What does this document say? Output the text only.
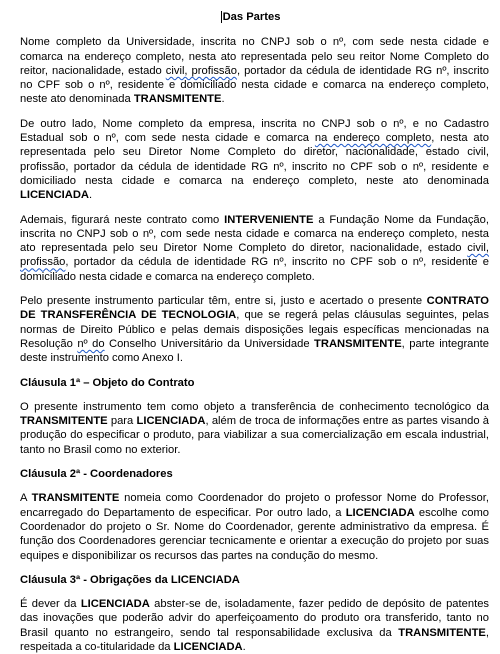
Das Partes

Nome completo da Universidade, inscrita no CNPJ sob o nº, com sede nesta cidade e comarca na endereço completo, nesta ato representada pelo seu reitor Nome Completo do reitor, nacionalidade, estado civil, profissão, portador da cédula de identidade RG nº, inscrito no CPF sob o nº, residente e domiciliado nesta cidade e comarca na endereço completo, neste ato denominada TRANSMITENTE.

De outro lado, Nome completo da empresa, inscrita no CNPJ sob o nº, e no Cadastro Estadual sob o nº, com sede nesta cidade e comarca na endereço completo, nesta ato representada pelo seu Diretor Nome Completo do diretor, nacionalidade, estado civil, profissão, portador da cédula de identidade RG nº, inscrito no CPF sob o nº, residente e domiciliado nesta cidade e comarca na endereço completo, neste ato denominada LICENCIADA.

Ademais, figurará neste contrato como INTERVENIENTE a Fundação Nome da Fundação, inscrita no CNPJ sob o nº, com sede nesta cidade e comarca na endereço completo, nesta ato representada pelo seu Diretor Nome Completo do diretor, nacionalidade, estado civil, profissão, portador da cédula de identidade RG nº, inscrito no CPF sob o nº, residente e domiciliado nesta cidade e comarca na endereço completo.

Pelo presente instrumento particular têm, entre si, justo e acertado o presente CONTRATO DE TRANSFERÊNCIA DE TECNOLOGIA, que se regerá pelas cláusulas seguintes, pelas normas de Direito Público e pelas demais disposições legais específicas mencionadas na Resolução nº do Conselho Universitário da Universidade TRANSMITENTE, parte integrante deste instrumento como Anexo I.

Cláusula 1ª – Objeto do Contrato

O presente instrumento tem como objeto a transferência de conhecimento tecnológico da TRANSMITENTE para LICENCIADA, além de troca de informações entre as partes visando à produção do especificar o produto, para viabilizar a sua comercialização em escala industrial, tanto no Brasil como no exterior.

Cláusula 2ª - Coordenadores

A TRANSMITENTE nomeia como Coordenador do projeto o professor Nome do Professor, encarregado do Departamento de especificar. Por outro lado, a LICENCIADA escolhe como Coordenador do projeto o Sr. Nome do Coordenador, gerente administrativo da empresa. É função dos Coordenadores gerenciar tecnicamente e orientar a execução do projeto por suas equipes e disponibilizar os recursos das partes na condução do mesmo.

Cláusula 3ª - Obrigações da LICENCIADA

É dever da LICENCIADA abster-se de, isoladamente, fazer pedido de depósito de patentes das inovações que poderão advir do aperfeiçoamento do produto ora transferido, tanto no Brasil quanto no estrangeiro, sendo tal responsabilidade exclusiva da TRANSMITENTE, respeitada a co-titularidade da LICENCIADA.
